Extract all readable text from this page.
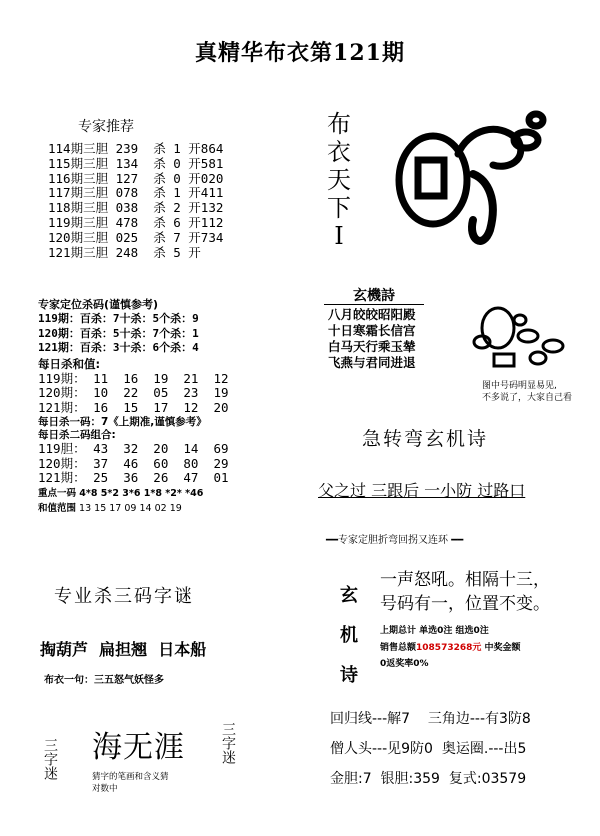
真精华布衣第121期
专家推荐
114期三胆 239  杀 1 开864
115期三胆 134  杀 0 开581
116期三胆 127  杀 0 开020
117期三胆 078  杀 1 开411
118期三胆 038  杀 2 开132
119期三胆 478  杀 6 开112
120期三胆 025  杀 7 开734
121期三胆 248  杀 5 开
布
衣
天
下
I
玄機詩
八月皎皎昭阳殿
十日寒霜长信宫
白马天行乘玉辇
飞燕与君同进退
图中号码明显易见,
不多说了，大家自己看
专家定位杀码(谨慎参考)
119期：百杀：7十杀：5个杀：9
120期：百杀：5十杀：7个杀：1
121期：百杀：3十杀：6个杀：4
每日杀和值:
119期： 11  16  19  21  12
120期： 10  22  05  23  19
121期： 16  15  17  12  20
每日杀一码：7《上期准,谨慎参考》
每日杀二码组合:
119胆： 43  32  20  14  69
120期： 37  46  60  80  29
121期： 25  36  26  47  01
重点一码 4*8 5*2 3*6 1*8 *2* *46
和值范围 13 15 17 09 14 02 19
急转弯玄机诗
父之过 三跟后 一小防 过路口
━━专家定胆折弯回拐又连环 ━━
玄
机
诗
一声怒吼。相隔十三，
号码有一，位置不变。
上期总计 单选0注 组选0注
销售总额108573268元 中奖金额
0返奖率0%
专业杀三码字谜
掏葫芦  扁担翘  日本船
布衣一句：三五怒气妖怪多
海无涯
三字迷	三字迷
猜字的笔画和含义猜
对数中
回归线---解7    三角边---有3防8
僧人头---见9防0  奥运圈.---出5
金胆:7  银胆:359  复式:03579
